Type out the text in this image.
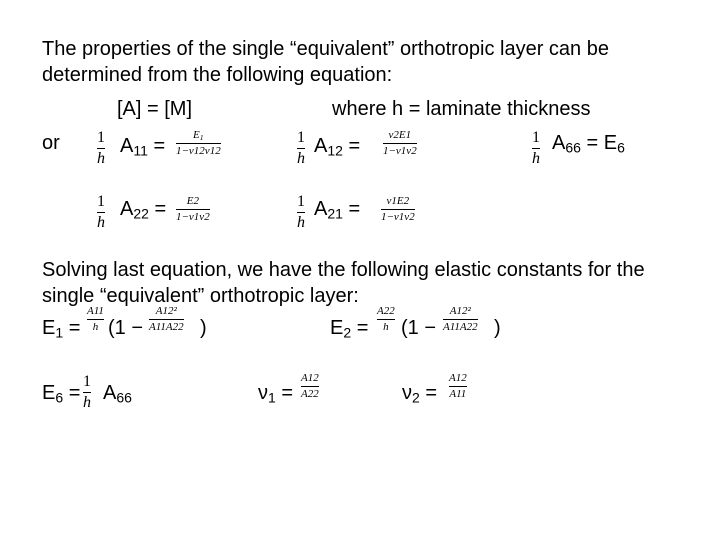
The properties of the single “equivalent” orthotropic layer can be
determined from the following equation:
[A] = [M]	where h = laminate thickness
or 1
h
$A_{11}$ =	$E_1$
1−ν12ν12
1
h
$A_{12}$ =	ν2E1
1−ν1ν2
1
h
$A_{66} = E_6$
1
h
$A_{22} = E2$
1−ν1ν2
1
h
$A_{21} = \nu 1E2$
1−ν1ν2
Solving last equation, we have the following elastic constants for the
single “equivalent” orthotropic layer:
$E_1$ =
A11
h (1 −
A12²
A11A22 )	$E_2$ =
A22
h (1 −
A12²
A11A22 )
$E_6$ =
1
h $A_{66}$	$\nu_1$ =
A12
A22	$\nu_2$ =
A12
A11
